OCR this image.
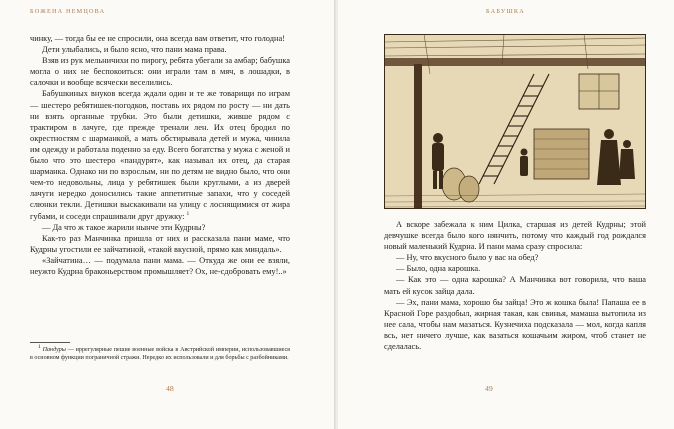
БОЖЕНА НЕМЦОВА

чинку, — тогда бы ее не спросили, она всегда вам ответит, что голодна!

Дети улыбались, и было ясно, что пани мама права.

Взяв из рук мельничихи по пирогу, ребята убегали за амбар; бабушка могла о них не беспокоиться: они играли там в мяч, в лошадки, в салочки и вообще всячески веселились.

Бабушкиных внуков всегда ждали один и те же товарищи по играм — шестеро ребятишек-погодков, поставь их рядом по росту — ни дать ни взять органные трубки. Это были детишки, живше рядом с трактиром в лачуге, где прежде тренали лен. Их отец бродил по окрестностям с шарманкой, а мать обстирывала детей и мужа, чинила им одежду и работала поденно за еду. Всего богатства у мужа с женой и было что это шестеро «пандурят», как называл их отец, да старая шарманка. Однако ни по взрослым, ни по детям не видно было, что они чем-то недовольны, лица у ребятишек были круглыми, а из дверей лачуги нередко доносились такие аппетитные запахи, что у соседей слюнки текли. Детишки выскакивали на улицу с лоснящимися от жира губами, и соседи спрашивали друг дружку: $^1$

— Да что ж такое жарили нынче эти Кудрны?

Как-то раз Манчинка пришла от них и рассказала пани маме, что Кудрны угостили ее зайчатиной, «такой вкусной, прямо как миндаль».

«Зайчатина… — подумала пани мама. — Откуда же они ее взяли, неужто Кудрна браконьерством промышляет? Ох, не-сдобровать ему!..»

$^1$ Пандуры — иррегулярные пешие военные войска в Австрийской империи, использовавшиеся в основном функции пограничной стражи. Нередко их использовали и для борьбы с разбойниками.

48
БАБУШКА

А вскоре забежала к ним Цилка, старшая из детей Кудрны; этой девчушке всегда было кого нянчить, потому что каждый год рождался новый маленький Кудрна. И пани мама сразу спросила:

— Ну, что вкусного было у вас на обед?

— Было, одна карошка.

— Как это — одна карошка? А Манчинка вот говорила, что ваша мать ей кусок зайца дала.

— Эх, пани мама, хорошо бы зайца! Это ж кошка была! Папаша ее в Красной Горе раздобыл, жирная такая, как свинья, мамаша вытопила из нее сала, чтобы нам мазаться. Кузнечиха подсказала — мол, когда капля всь, нет ничего лучше, как вазаться кошачьим жиром, чтоб станет не сделалась.

49
